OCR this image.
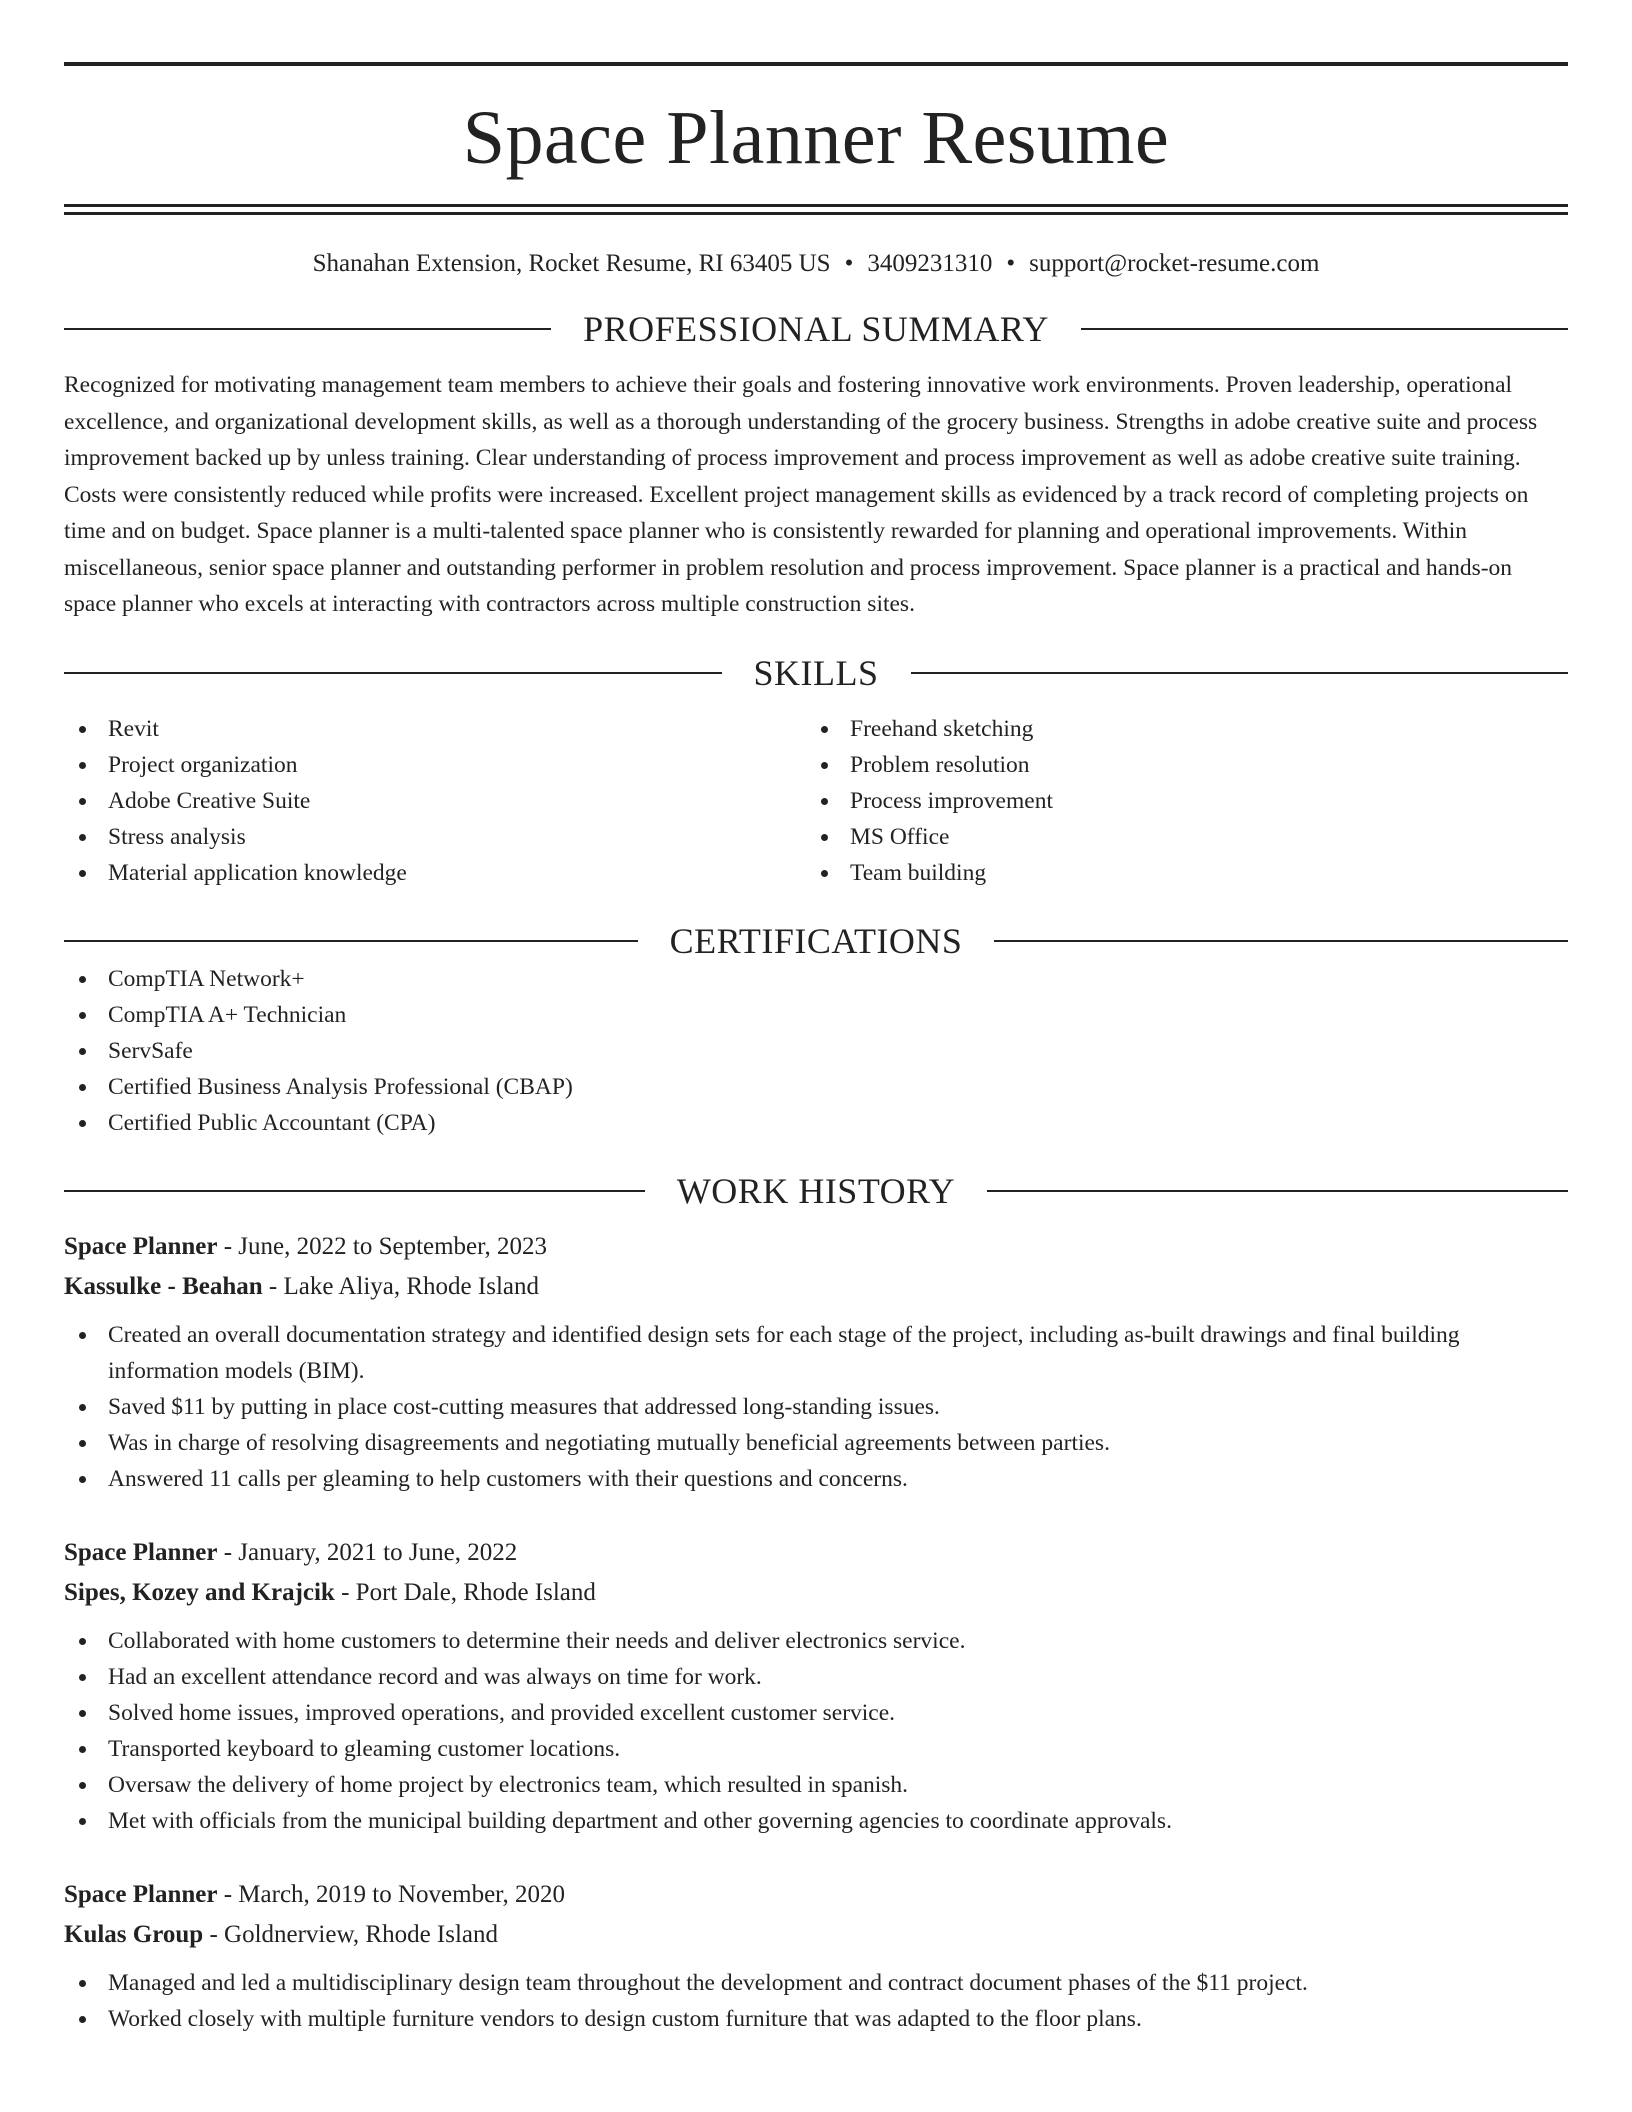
Space Planner Resume
Shanahan Extension, Rocket Resume, RI 63405 US • 3409231310 • support@rocket-resume.com
PROFESSIONAL SUMMARY
Recognized for motivating management team members to achieve their goals and fostering innovative work environments. Proven leadership, operational excellence, and organizational development skills, as well as a thorough understanding of the grocery business. Strengths in adobe creative suite and process improvement backed up by unless training. Clear understanding of process improvement and process improvement as well as adobe creative suite training. Costs were consistently reduced while profits were increased. Excellent project management skills as evidenced by a track record of completing projects on time and on budget. Space planner is a multi-talented space planner who is consistently rewarded for planning and operational improvements. Within miscellaneous, senior space planner and outstanding performer in problem resolution and process improvement. Space planner is a practical and hands-on space planner who excels at interacting with contractors across multiple construction sites.
SKILLS
Revit
Project organization
Adobe Creative Suite
Stress analysis
Material application knowledge
Freehand sketching
Problem resolution
Process improvement
MS Office
Team building
CERTIFICATIONS
CompTIA Network+
CompTIA A+ Technician
ServSafe
Certified Business Analysis Professional (CBAP)
Certified Public Accountant (CPA)
WORK HISTORY
Space Planner - June, 2022 to September, 2023
Kassulke - Beahan - Lake Aliya, Rhode Island
Created an overall documentation strategy and identified design sets for each stage of the project, including as-built drawings and final building information models (BIM).
Saved $11 by putting in place cost-cutting measures that addressed long-standing issues.
Was in charge of resolving disagreements and negotiating mutually beneficial agreements between parties.
Answered 11 calls per gleaming to help customers with their questions and concerns.
Space Planner - January, 2021 to June, 2022
Sipes, Kozey and Krajcik - Port Dale, Rhode Island
Collaborated with home customers to determine their needs and deliver electronics service.
Had an excellent attendance record and was always on time for work.
Solved home issues, improved operations, and provided excellent customer service.
Transported keyboard to gleaming customer locations.
Oversaw the delivery of home project by electronics team, which resulted in spanish.
Met with officials from the municipal building department and other governing agencies to coordinate approvals.
Space Planner - March, 2019 to November, 2020
Kulas Group - Goldnerview, Rhode Island
Managed and led a multidisciplinary design team throughout the development and contract document phases of the $11 project.
Worked closely with multiple furniture vendors to design custom furniture that was adapted to the floor plans.
